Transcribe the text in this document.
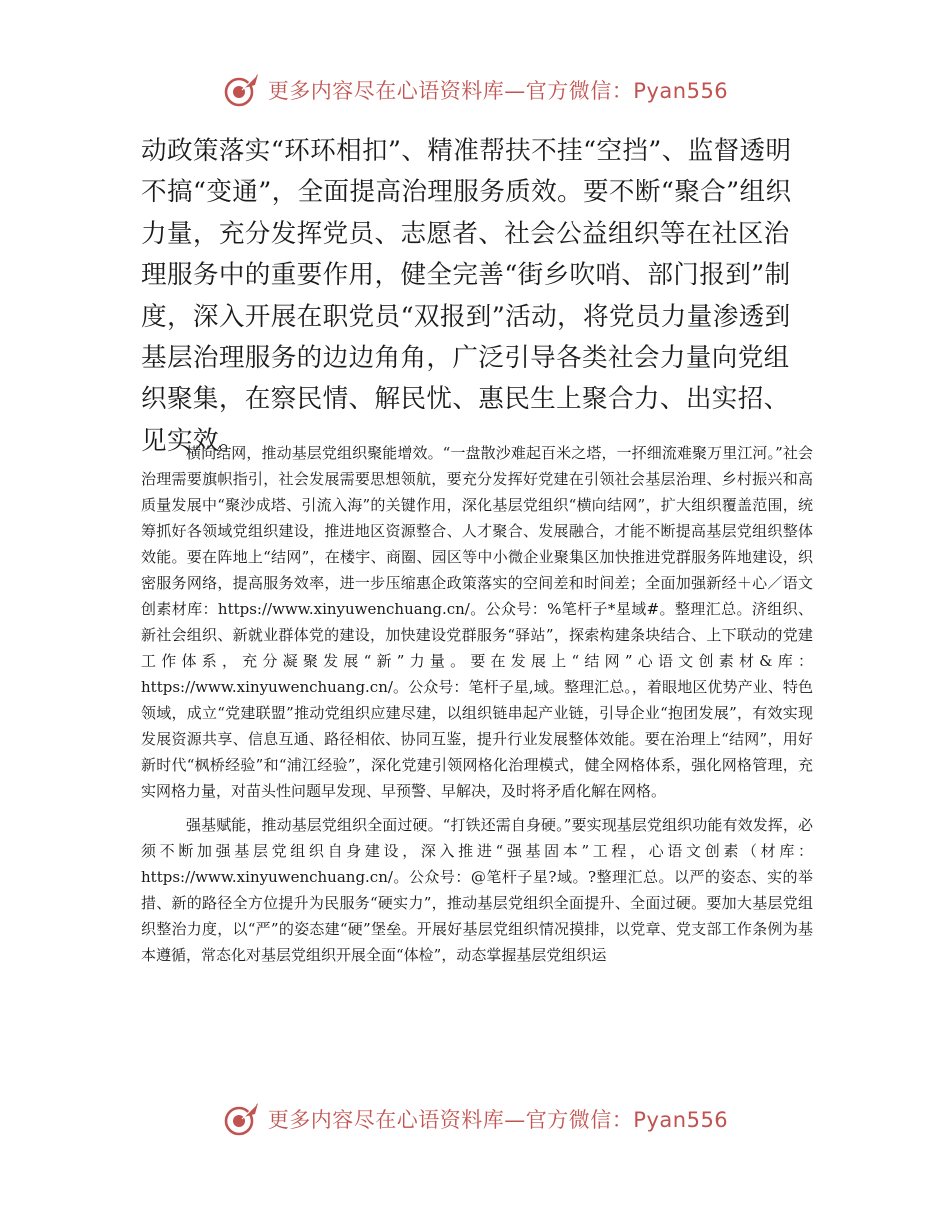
更多内容尽在心语资料库—官方微信：Pyan556

动政策落实“环环相扣”、精准帮扶不挂“空挡”、监督透明不搞“变通”，全面提高治理服务质效。要不断“聚合”组织力量，充分发挥党员、志愿者、社会公益组织等在社区治理服务中的重要作用，健全完善“街乡吹哨、部门报到”制度，深入开展在职党员“双报到”活动，将党员力量渗透到基层治理服务的边边角角，广泛引导各类社会力量向党组织聚集，在察民情、解民忧、惠民生上聚合力、出实招、见实效。

横向结网，推动基层党组织聚能增效。“一盘散沙难起百米之塔，一抔细流难聚万里江河。”社会治理需要旗帜指引，社会发展需要思想领航，要充分发挥好党建在引领社会基层治理、乡村振兴和高质量发展中“聚沙成塔、引流入海”的关键作用，深化基层党组织“横向结网”，扩大组织覆盖范围，统筹抓好各领域党组织建设，推进地区资源整合、人才聚合、发展融合，才能不断提高基层党组织整体效能。要在阵地上“结网”，在楼宇、商圈、园区等中小微企业聚集区加快推进党群服务阵地建设，织密服务网络，提高服务效率，进一步压缩惠企政策落实的空间差和时间差；全面加强新经＋心／语文创素材库：https://www.xinyuwenchuang.cn/。公众号：%笔杆子*星域#。整理汇总。济组织、新社会组织、新就业群体党的建设，加快建设党群服务“驿站”，探索构建条块结合、上下联动的党建工作体系，充分凝聚发展“新”力量。要在发展上“结网”心语文创素材&库：https://www.xinyuwenchuang.cn/。公众号：笔杆子星,域。整理汇总。，着眼地区优势产业、特色领域，成立“党建联盟”推动党组织应建尽建，以组织链串起产业链，引导企业“抱团发展”，有效实现发展资源共享、信息互通、路径相依、协同互鉴，提升行业发展整体效能。要在治理上“结网”，用好新时代“枫桥经验”和“浦江经验”，深化党建引领网格化治理模式，健全网格体系，强化网格管理，充实网格力量，对苗头性问题早发现、早预警、早解决，及时将矛盾化解在网格。

强基赋能，推动基层党组织全面过硬。“打铁还需自身硬。”要实现基层党组织功能有效发挥，必须不断加强基层党组织自身建设，深入推进“强基固本”工程，心语文创素（材库：https://www.xinyuwenchuang.cn/。公众号：@笔杆子星?域。?整理汇总。以严的姿态、实的举措、新的路径全方位提升为民服务“硬实力”，推动基层党组织全面提升、全面过硬。要加大基层党组织整治力度，以“严”的姿态建“硬”堡垒。开展好基层党组织情况摸排，以党章、党支部工作条例为基本遵循，常态化对基层党组织开展全面“体检”，动态掌握基层党组织运

更多内容尽在心语资料库—官方微信：Pyan556
